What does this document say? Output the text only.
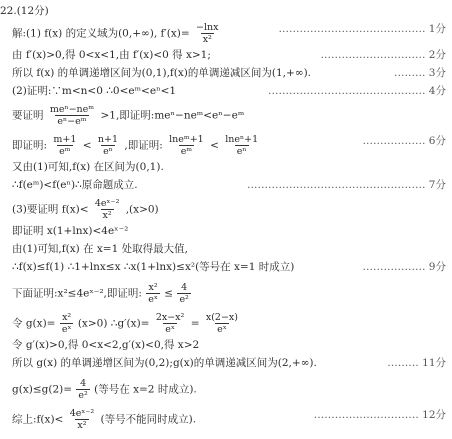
22.(12分)
解:(1) f(x) 的定义域为(0,+∞), $f'(x)= \frac{-\ln x}{\text{x²}}$	…………………………………… 1分
由 f′(x)>0,得 0<x<1,由 f′(x)<0 得 x>1;	………………………… 2分
所以 f(x) 的单调递增区间为(0,1),f(x)的单调递减区间为(1,+∞).	……… 3分
(2)证明:∵m<n<0 ∴0<eᵐ<eⁿ<1	……………………………………… 4分
要证明 $\frac{\text{meⁿ−neᵐ}}{\text{eⁿ−eᵐ}} >1$,即证明:meⁿ−neᵐ<eⁿ−eᵐ
即证明: $\frac{m+1}{\text{eᵐ}} < \frac{n+1}{\text{eⁿ}}$ ,即证明: $\frac{\text{lneᵐ+1}}{\text{eᵐ}} < \frac{\text{lneⁿ+1}}{\text{eⁿ}}$	……………… 6分
又由(1)可知,f(x) 在区间为(0,1).
∴f(eᵐ)<f(eⁿ)∴原命题成立.	…………………………………………… 7分
(3)要证明 $f(x)< \frac{\text{4eˣ⁻²}}{\text{x²}} ,(x>0)$
即证明 x(1+lnx)<4eˣ⁻²
由(1)可知,f(x) 在 x=1 处取得最大值,
∴f(x)≤f(1) ∴1+lnx≤x ∴x(1+lnx)≤x²(等号在 x=1 时成立)	……………… 9分
下面证明:x²≤4eˣ⁻²,即证明: $\frac{\text{x²}}{\text{eˣ}} \le \frac{4}{\text{e²}}$
令 $g(x)= \frac{\text{x²}}{\text{eˣ}} (x>0)$ ∴g′(x)= $\frac{\text{2x−x²}}{\text{eˣ}} = \frac{x(2-x)}{\text{eˣ}}$
令 g′(x)>0,得 0<x<2,g′(x)<0,得 x>2
所以 g(x) 的单调递增区间为(0,2);g(x)的单调递减区间为(2,+∞).	……… 11分
$g(x)\le g(2)= \frac{4}{\text{e²}}$ (等号在 x=2 时成立).
综上:f(x)< $\frac{\text{4eˣ⁻²}}{\text{x²}}$ (等号不能同时成立).	………………………… 12分
